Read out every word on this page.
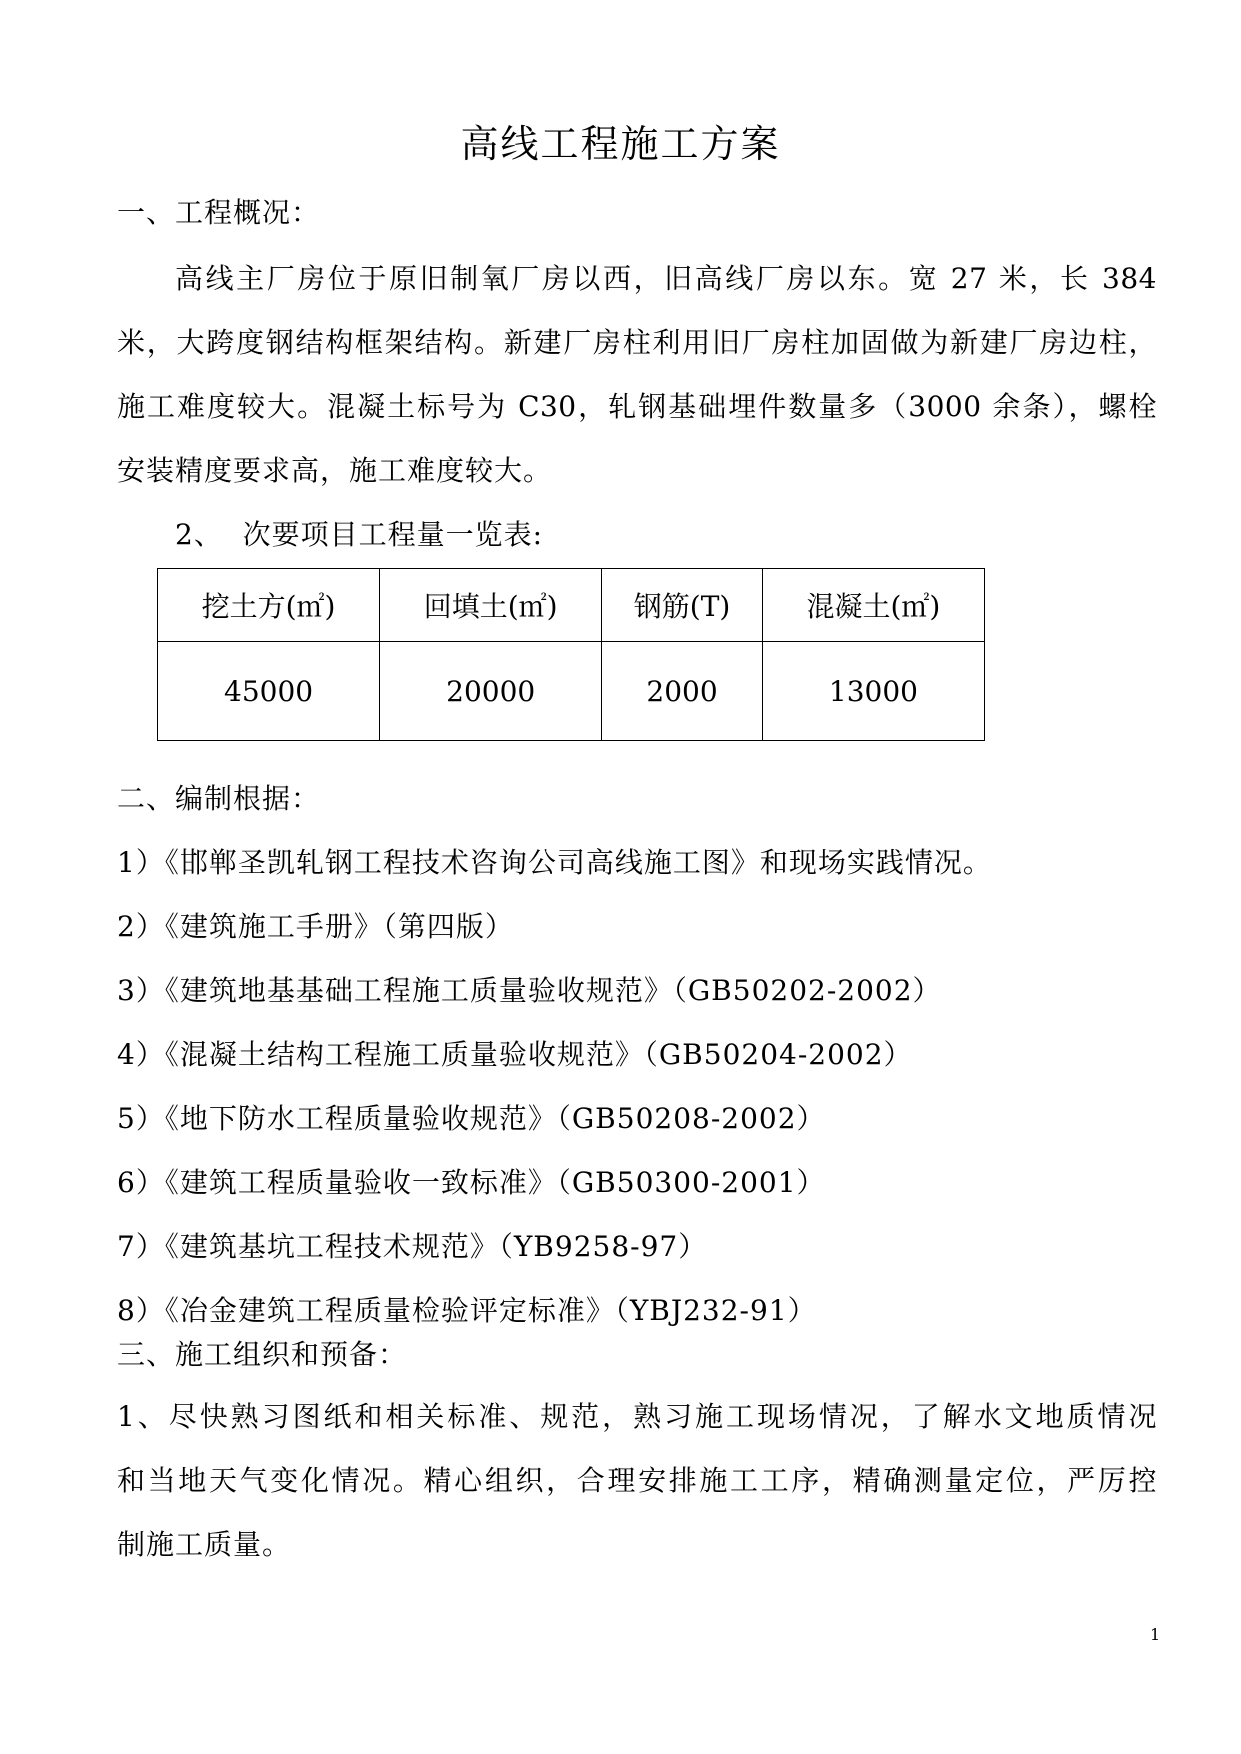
高线工程施工方案
一、工程概况：
高线主厂房位于原旧制氧厂房以西，旧高线厂房以东。宽 27 米，长 384
米，大跨度钢结构框架结构。新建厂房柱利用旧厂房柱加固做为新建厂房边柱，
施工难度较大。混凝土标号为 C30，轧钢基础埋件数量多（3000 余条），螺栓
安装精度要求高，施工难度较大。
2、  次要项目工程量一览表:
挖土方(㎡)	回填土(㎡)	钢筋(T)	混凝土(㎡)
45000	20000	2000	13000
二、编制根据：
1）《邯郸圣凯轧钢工程技术咨询公司高线施工图》和现场实践情况。
2）《建筑施工手册》（第四版）
3）《建筑地基基础工程施工质量验收规范》（GB50202-2002）
4）《混凝土结构工程施工质量验收规范》（GB50204-2002）
5）《地下防水工程质量验收规范》（GB50208-2002）
6）《建筑工程质量验收一致标准》（GB50300-2001）
7）《建筑基坑工程技术规范》（YB9258-97）
8）《冶金建筑工程质量检验评定标准》（YBJ232-91）
三、施工组织和预备：
1、尽快熟习图纸和相关标准、规范，熟习施工现场情况，了解水文地质情况
和当地天气变化情况。精心组织，合理安排施工工序，精确测量定位，严厉控
制施工质量。
1
